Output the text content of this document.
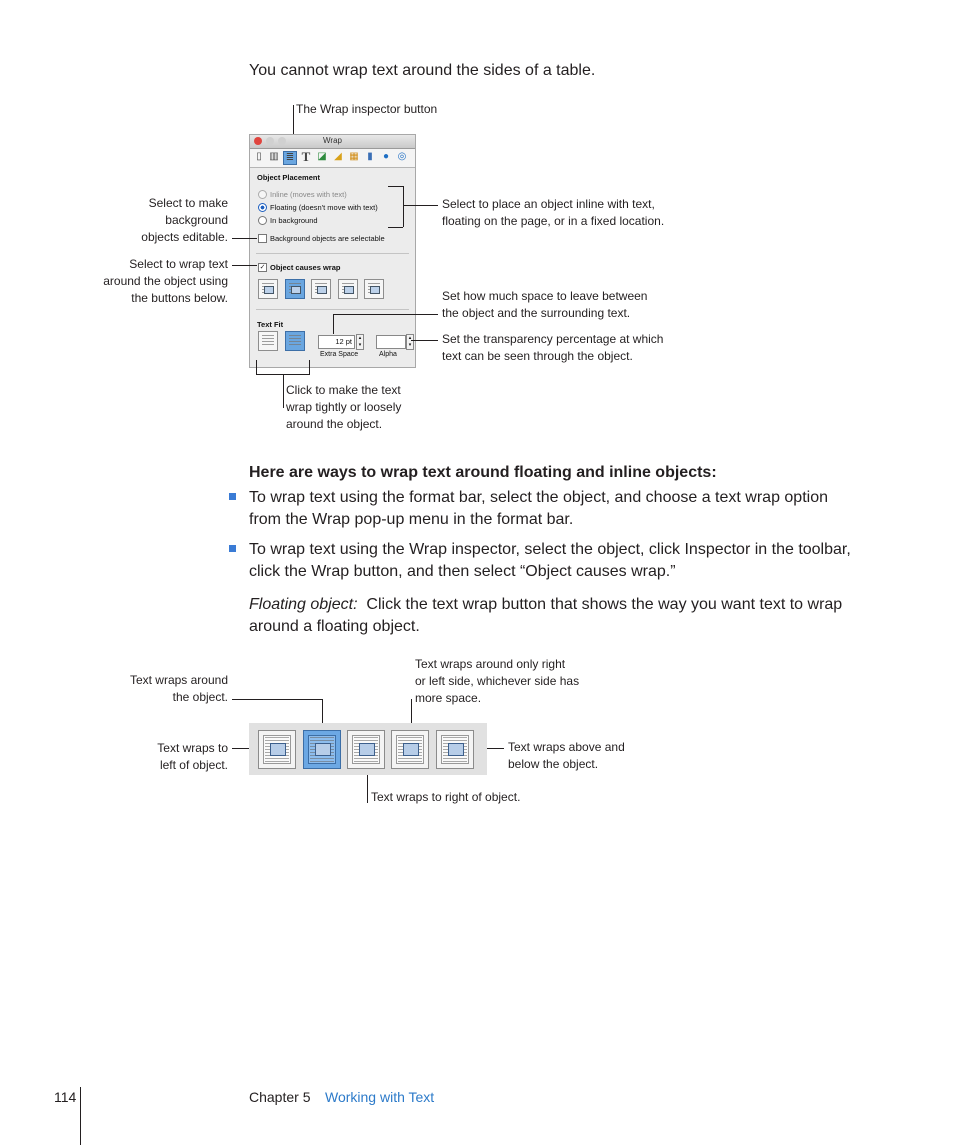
You cannot wrap text around the sides of a table.
The Wrap inspector button
Wrap
▯ ▥ ≣ T ◪ ◢ ▦ ▮	● ◎
Object Placement
Inline (moves with text)
Floating (doesn't move with text)
In background
Background objects are selectable
✓ Object causes wrap
Text Fit
12 pt	▴
▾
Extra Space
▴
▾
Alpha
Select to make
background
objects editable.
Select to wrap text
around the object using
the buttons below.
Select to place an object inline with text,
floating on the page, or in a fixed location.
Set how much space to leave between
the object and the surrounding text.
Set the transparency percentage at which
text can be seen through the object.
Click to make the text
wrap tightly or loosely
around the object.
Here are ways to wrap text around floating and inline objects:
To wrap text using the format bar, select the object, and choose a text wrap option
from the Wrap pop-up menu in the format bar.
To wrap text using the Wrap inspector, select the object, click Inspector in the toolbar,
click the Wrap button, and then select “Object causes wrap.”
Floating object: Click the text wrap button that shows the way you want text to wrap
around a floating object.
Text wraps around
the object.
Text wraps around only right
or left side, whichever side has
more space.
Text wraps to
left of object.
Text wraps above and
below the object.
Text wraps to right of object.
114	Chapter 5 Working with Text
